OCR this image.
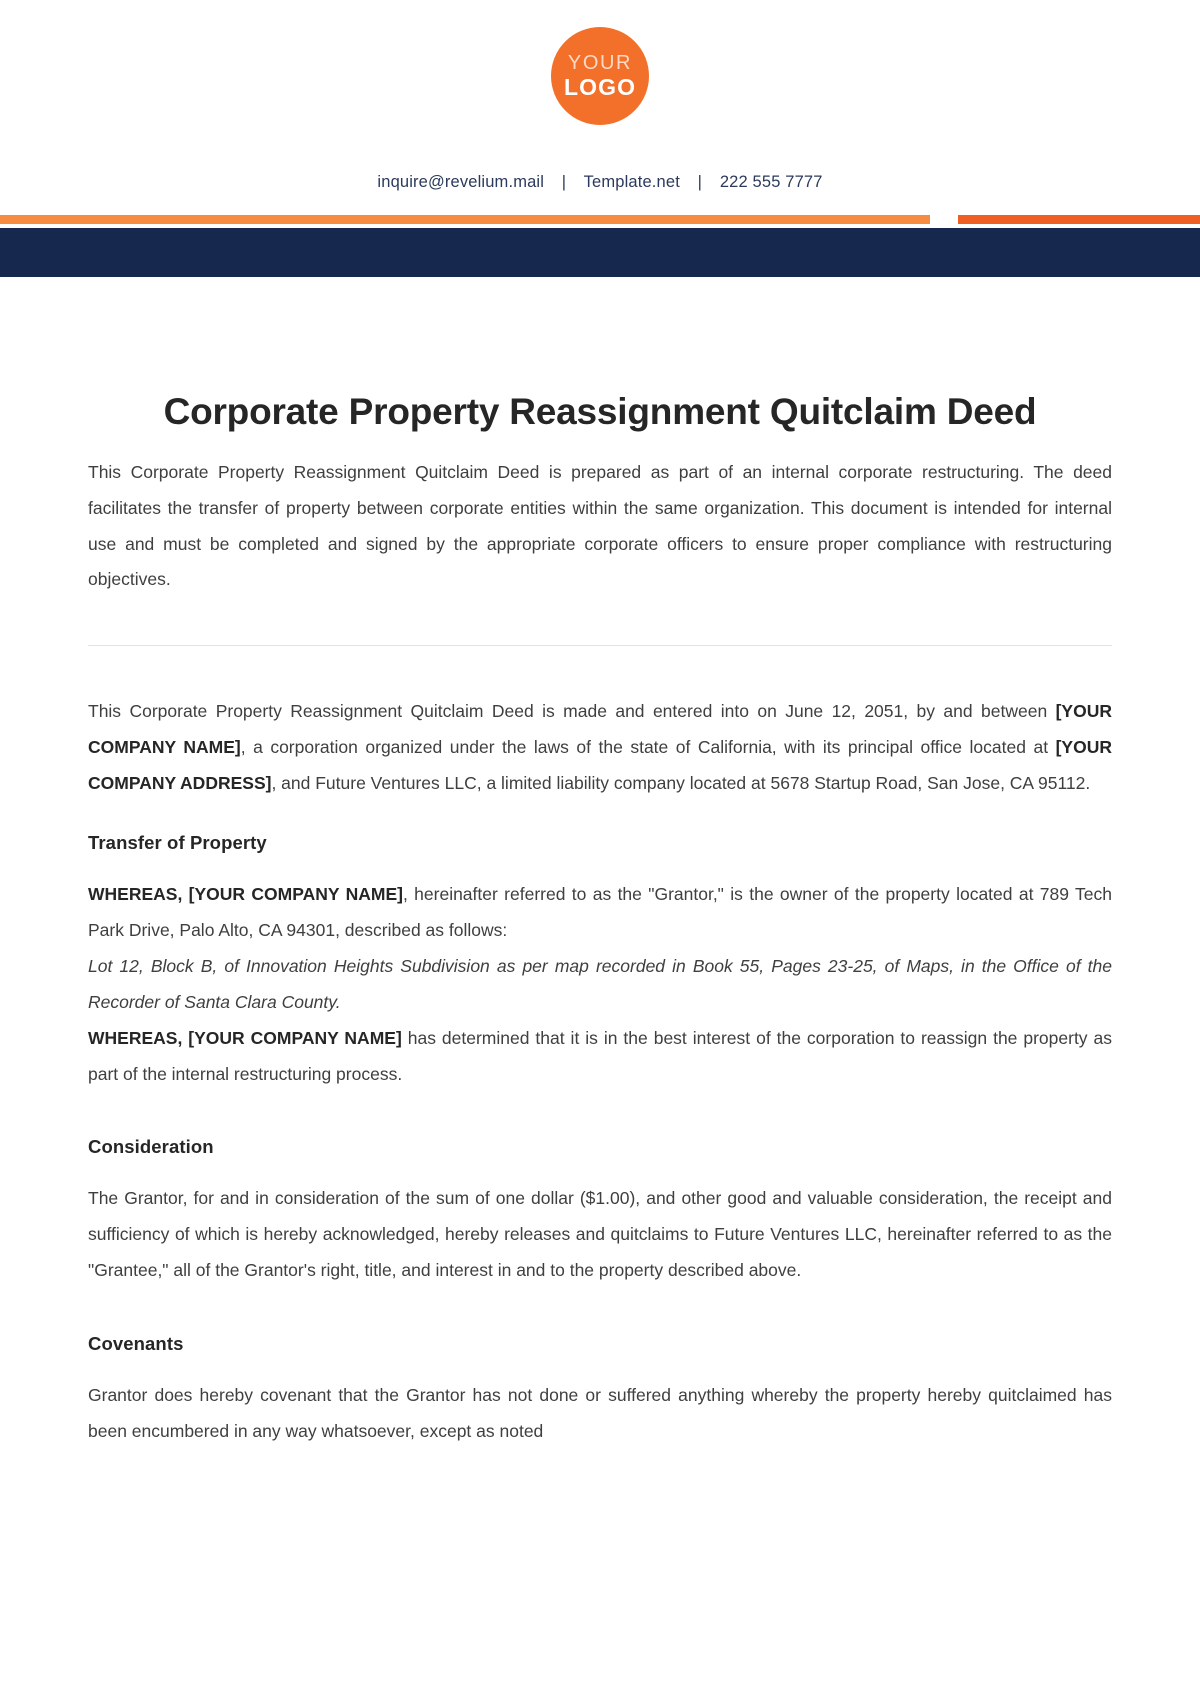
YOUR
LOGO
inquire@revelium.mail | Template.net | 222 555 7777
Corporate Property Reassignment Quitclaim Deed

This Corporate Property Reassignment Quitclaim Deed is prepared as part of an internal corporate restructuring. The deed facilitates the transfer of property between corporate entities within the same organization. This document is intended for internal use and must be completed and signed by the appropriate corporate officers to ensure proper compliance with restructuring objectives.

This Corporate Property Reassignment Quitclaim Deed is made and entered into on June 12, 2051, by and between [YOUR COMPANY NAME], a corporation organized under the laws of the state of California, with its principal office located at [YOUR COMPANY ADDRESS], and Future Ventures LLC, a limited liability company located at 5678 Startup Road, San Jose, CA 95112.

Transfer of Property

WHEREAS, [YOUR COMPANY NAME], hereinafter referred to as the "Grantor," is the owner of the property located at 789 Tech Park Drive, Palo Alto, CA 94301, described as follows:

Lot 12, Block B, of Innovation Heights Subdivision as per map recorded in Book 55, Pages 23-25, of Maps, in the Office of the Recorder of Santa Clara County.

WHEREAS, [YOUR COMPANY NAME] has determined that it is in the best interest of the corporation to reassign the property as part of the internal restructuring process.

Consideration

The Grantor, for and in consideration of the sum of one dollar ($1.00), and other good and valuable consideration, the receipt and sufficiency of which is hereby acknowledged, hereby releases and quitclaims to Future Ventures LLC, hereinafter referred to as the "Grantee," all of the Grantor's right, title, and interest in and to the property described above.

Covenants

Grantor does hereby covenant that the Grantor has not done or suffered anything whereby the property hereby quitclaimed has been encumbered in any way whatsoever, except as noted
